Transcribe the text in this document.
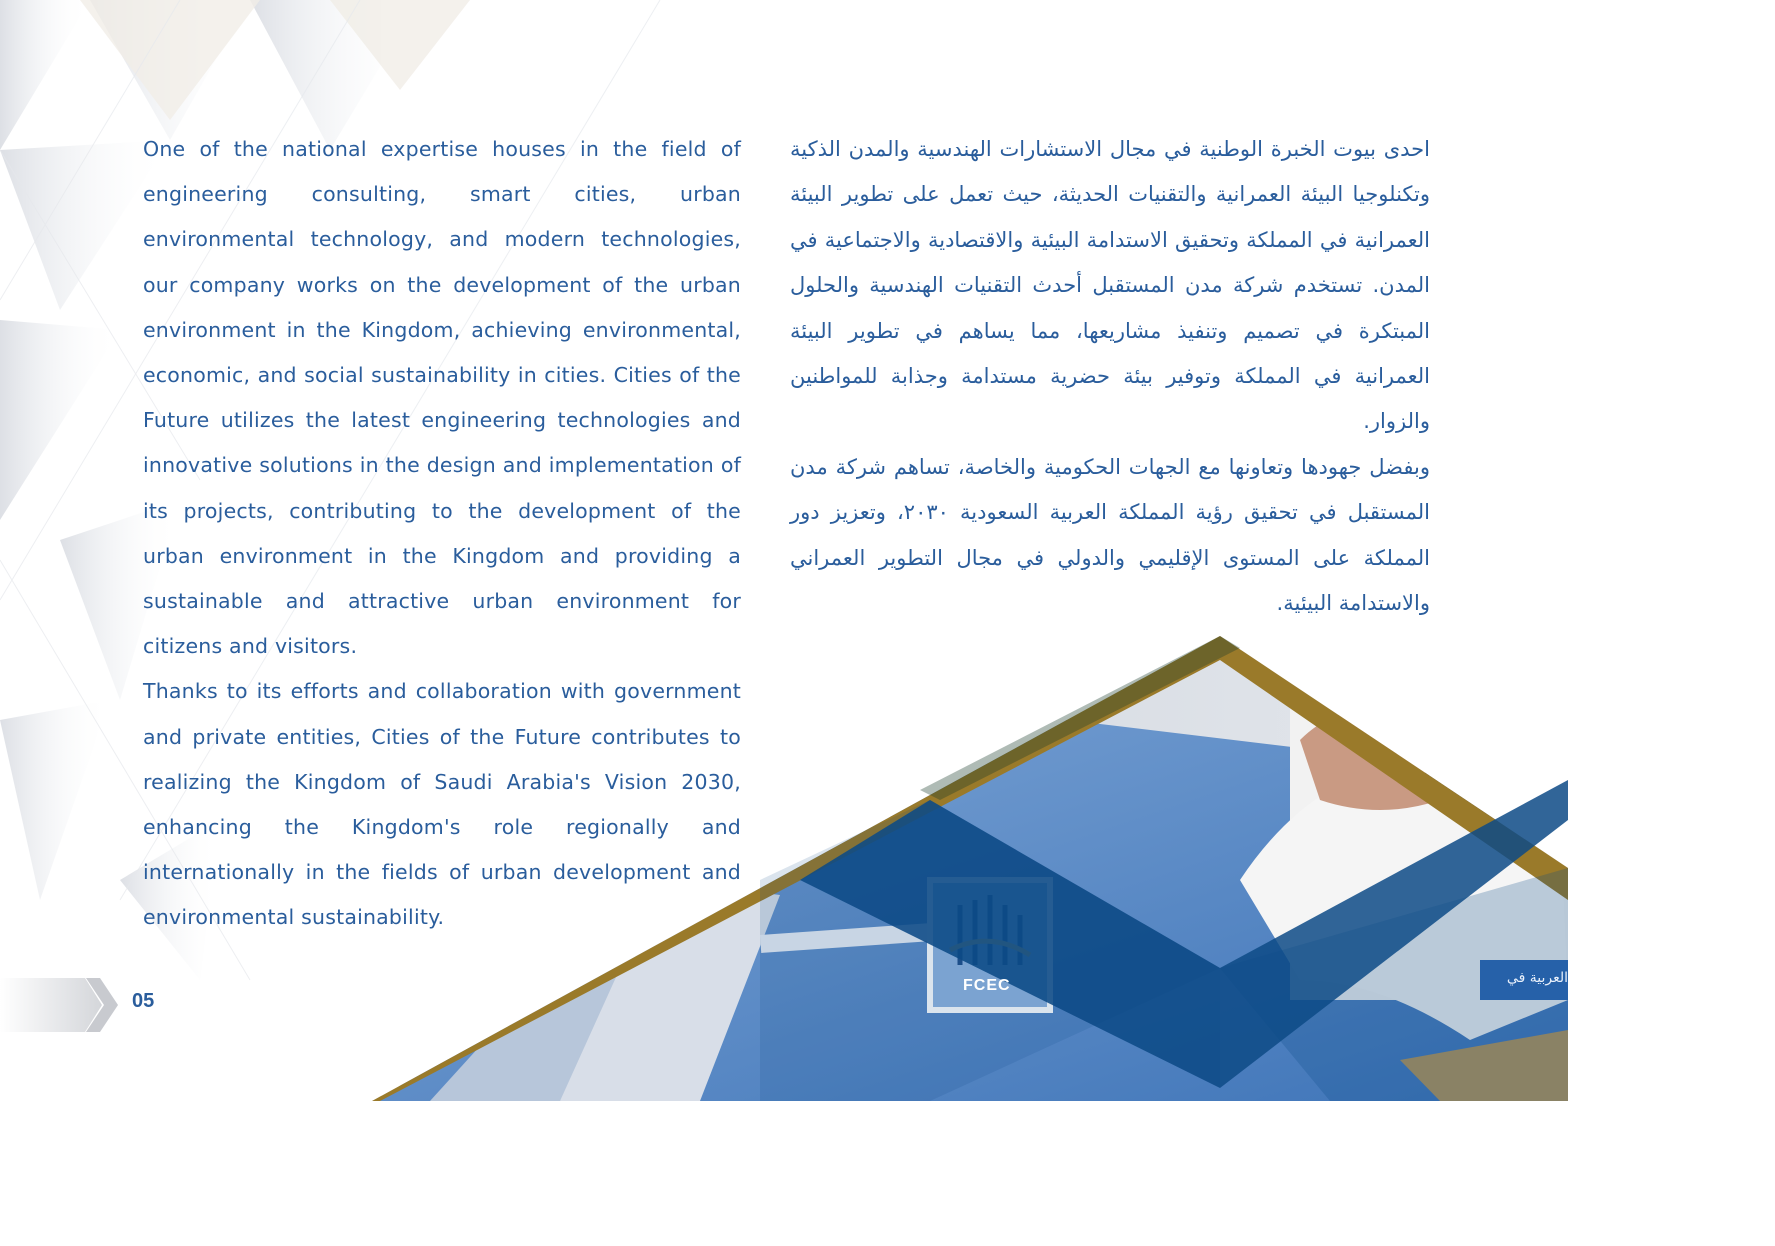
One of the national expertise houses in the field of engineering consulting, smart cities, urban environmental technology, and modern technologies, our company works on the development of the urban environment in the Kingdom, achieving environmental, economic, and social sustainability in cities. Cities of the Future utilizes the latest engineering technologies and innovative solutions in the design and implementation of its projects, contributing to the development of the urban environment in the Kingdom and providing a sustainable and attractive urban environment for citizens and visitors.

Thanks to its efforts and collaboration with government and private entities, Cities of the Future contributes to realizing the Kingdom of Saudi Arabia's Vision 2030, enhancing the Kingdom's role regionally and internationally in the fields of urban development and environmental sustainability.

احدى بيوت الخبرة الوطنية في مجال الاستشارات الهندسية والمدن الذكية وتكنلوجيا البيئة العمرانية والتقنيات الحديثة، حيث تعمل على تطوير البيئة العمرانية في المملكة وتحقيق الاستدامة البيئية والاقتصادية والاجتماعية في المدن. تستخدم شركة مدن المستقبل أحدث التقنيات الهندسية والحلول المبتكرة في تصميم وتنفيذ مشاريعها، مما يساهم في تطوير البيئة العمرانية في المملكة وتوفير بيئة حضرية مستدامة وجذابة للمواطنين والزوار.

وبفضل جهودها وتعاونها مع الجهات الحكومية والخاصة، تساهم شركة مدن المستقبل في تحقيق رؤية المملكة العربية السعودية ٢٠٣٠، وتعزيز دور المملكة على المستوى الإقليمي والدولي في مجال التطوير العمراني والاستدامة البيئية.

FCEC	العربية في
05
